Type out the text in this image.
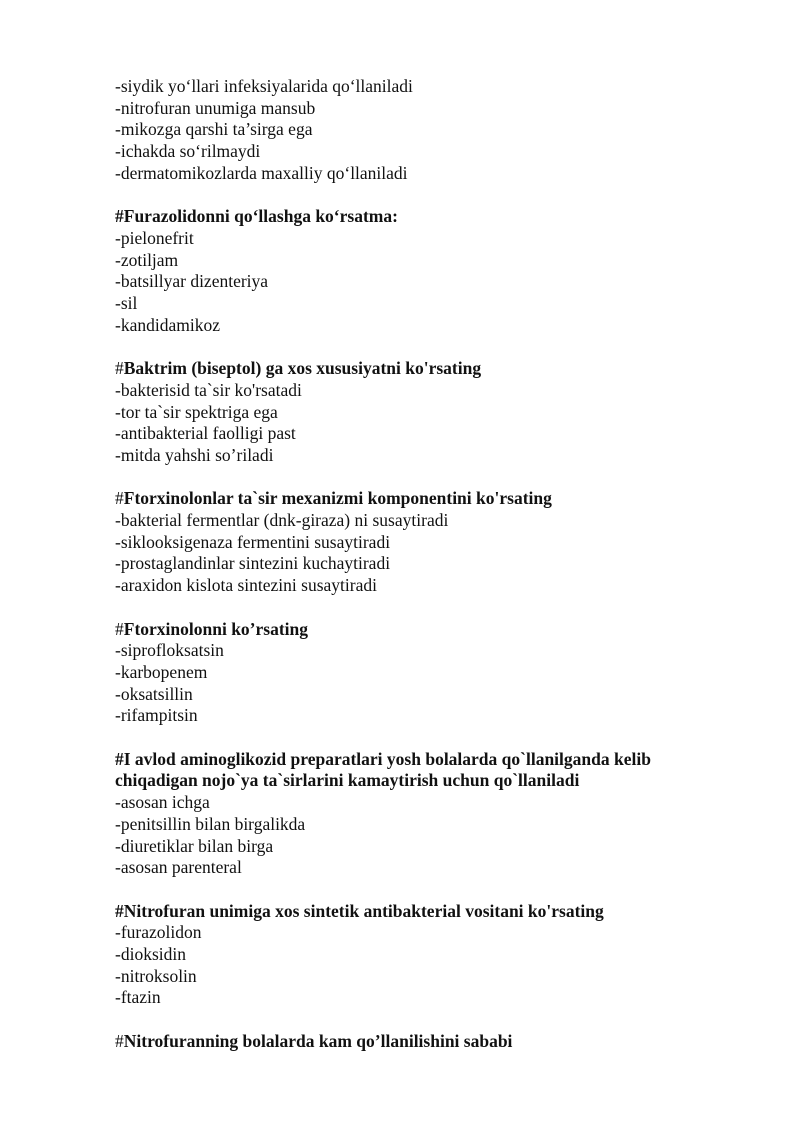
-siydik yo‘llari infeksiyalarida qo‘llaniladi
-nitrofuran unumiga mansub
-mikozga qarshi ta’sirga ega
-ichakda so‘rilmaydi
-dermatomikozlarda maxalliy qo‘llaniladi
#Furazolidonni qo‘llashga ko‘rsatma:
-pielonefrit
-zotiljam
-batsillyar dizenteriya
-sil
-kandidamikoz
#Baktrim (biseptol) ga xos xususiyatni ko'rsating
-bakterisid ta`sir ko'rsatadi
-tor ta`sir spektriga ega
-antibakterial faolligi past
-mitda yahshi so’riladi
#Ftorxinolonlar ta`sir mexanizmi komponentini ko'rsating
-bakterial fermentlar (dnk-giraza) ni susaytiradi
-siklooksigenaza fermentini susaytiradi
-prostaglandinlar sintezini kuchaytiradi
-araxidon kislota sintezini susaytiradi
#Ftorxinolonni ko’rsating
-siprofloksatsin
-karbopenem
-oksatsillin
-rifampitsin
#I avlod aminoglikozid preparatlari yosh bolalarda qo`llanilganda kelib chiqadigan nojo`ya ta`sirlarini kamaytirish uchun qo`llaniladi
-asosan ichga
-penitsillin bilan birgalikda
-diuretiklar bilan birga
-asosan parenteral
#Nitrofuran unimiga xos sintetik antibakterial vositani ko'rsating
-furazolidon
-dioksidin
-nitroksolin
-ftazin
#Nitrofuranning bolalarda kam qo’llanilishini sababi
